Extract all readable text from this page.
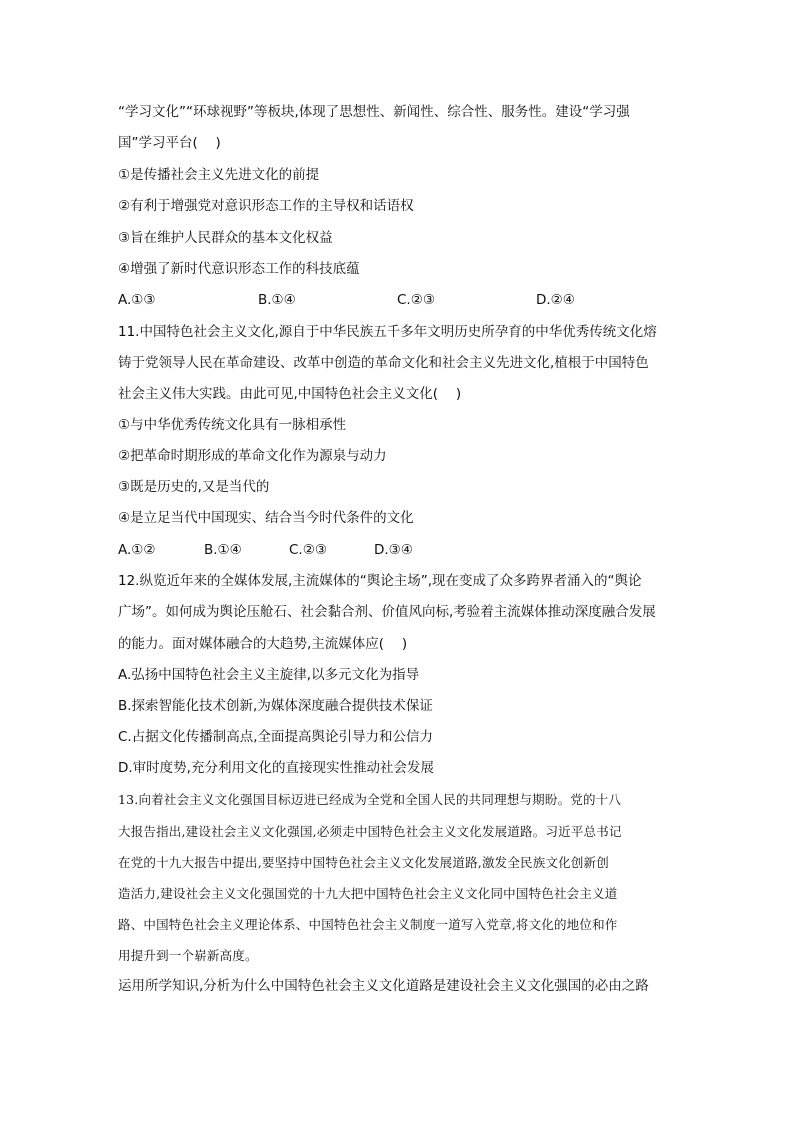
“学习文化”“环球视野”等板块,体现了思想性、新闻性、综合性、服务性。建设“学习强
国”学习平台(　 )
①是传播社会主义先进文化的前提
②有利于增强党对意识形态工作的主导权和话语权
③旨在维护人民群众的基本文化权益
④增强了新时代意识形态工作的科技底蕴
A.①③	B.①④	C.②③	D.②④
11.中国特色社会主义文化,源自于中华民族五千多年文明历史所孕育的中华优秀传统文化熔
铸于党领导人民在革命建设、改革中创造的革命文化和社会主义先进文化,植根于中国特色
社会主义伟大实践。由此可见,中国特色社会主义文化(　 )
①与中华优秀传统文化具有一脉相承性
②把革命时期形成的革命文化作为源泉与动力
③既是历史的,又是当代的
④是立足当代中国现实、结合当今时代条件的文化
A.①②	B.①④	C.②③	D.③④
12.纵览近年来的全媒体发展,主流媒体的“舆论主场”,现在变成了众多跨界者涌入的“舆论
广场”。如何成为舆论压舱石、社会黏合剂、价值风向标,考验着主流媒体推动深度融合发展
的能力。面对媒体融合的大趋势,主流媒体应(　 )
A.弘扬中国特色社会主义主旋律,以多元文化为指导
B.探索智能化技术创新,为媒体深度融合提供技术保证
C.占据文化传播制高点,全面提高舆论引导力和公信力
D.审时度势,充分利用文化的直接现实性推动社会发展
13.向着社会主义文化强国目标迈进已经成为全党和全国人民的共同理想与期盼。党的十八
大报告指出,建设社会主义文化强国,必须走中国特色社会主义文化发展道路。习近平总书记
在党的十九大报告中提出,要坚持中国特色社会主义文化发展道路,激发全民族文化创新创
造活力,建设社会主义文化强国党的十九大把中国特色社会主义文化同中国特色社会主义道
路、中国特色社会主义理论体系、中国特色社会主义制度一道写入党章,将文化的地位和作
用提升到一个崭新高度。
运用所学知识,分析为什么中国特色社会主义文化道路是建设社会主义文化强国的必由之路
